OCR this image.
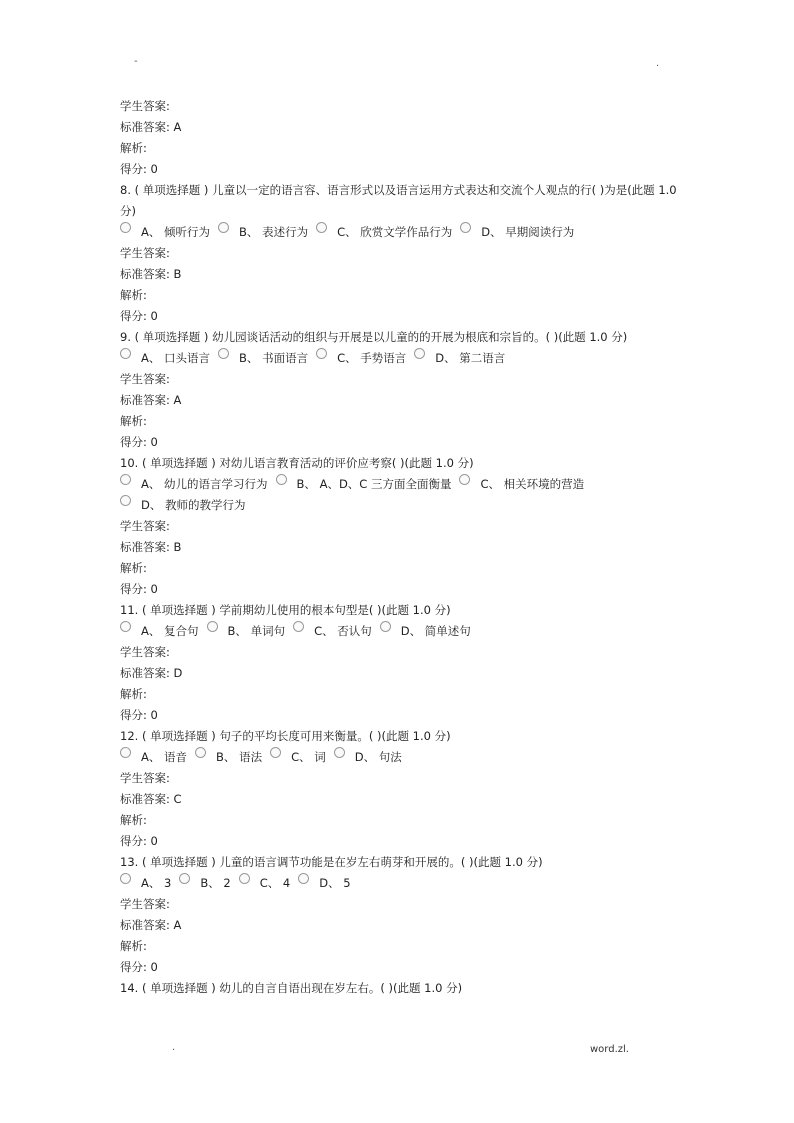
-	.
学生答案:
标准答案: A
解析:
得分: 0
8. ( 单项选择题 ) 儿童以一定的语言容、语言形式以及语言运用方式表达和交流个人观点的行( )为是(此题 1.0 分)
A、 倾听行为	B、 表述行为	C、 欣赏文学作品行为	D、 早期阅读行为
学生答案:
标准答案: B
解析:
得分: 0
9. ( 单项选择题 ) 幼儿园谈话活动的组织与开展是以儿童的的开展为根底和宗旨的。( )(此题 1.0 分)
A、 口头语言	B、 书面语言	C、 手势语言	D、 第二语言
学生答案:
标准答案: A
解析:
得分: 0
10. ( 单项选择题 ) 对幼儿语言教育活动的评价应考察( )(此题 1.0 分)
A、 幼儿的语言学习行为	B、 A、D、C 三方面全面衡量	C、 相关环境的营造D、 教师的教学行为
学生答案:
标准答案: B
解析:
得分: 0
11. ( 单项选择题 ) 学前期幼儿使用的根本句型是( )(此题 1.0 分)
A、 复合句	B、 单词句	C、 否认句	D、 简单述句
学生答案:
标准答案: D
解析:
得分: 0
12. ( 单项选择题 ) 句子的平均长度可用来衡量。( )(此题 1.0 分)
A、 语音	B、 语法	C、 词	D、 句法
学生答案:
标准答案: C
解析:
得分: 0
13. ( 单项选择题 ) 儿童的语言调节功能是在岁左右萌芽和开展的。( )(此题 1.0 分)
A、 3	B、 2	C、 4	D、 5
学生答案:
标准答案: A
解析:
得分: 0
14. ( 单项选择题 ) 幼儿的自言自语出现在岁左右。( )(此题 1.0 分)
.	word.zl.
